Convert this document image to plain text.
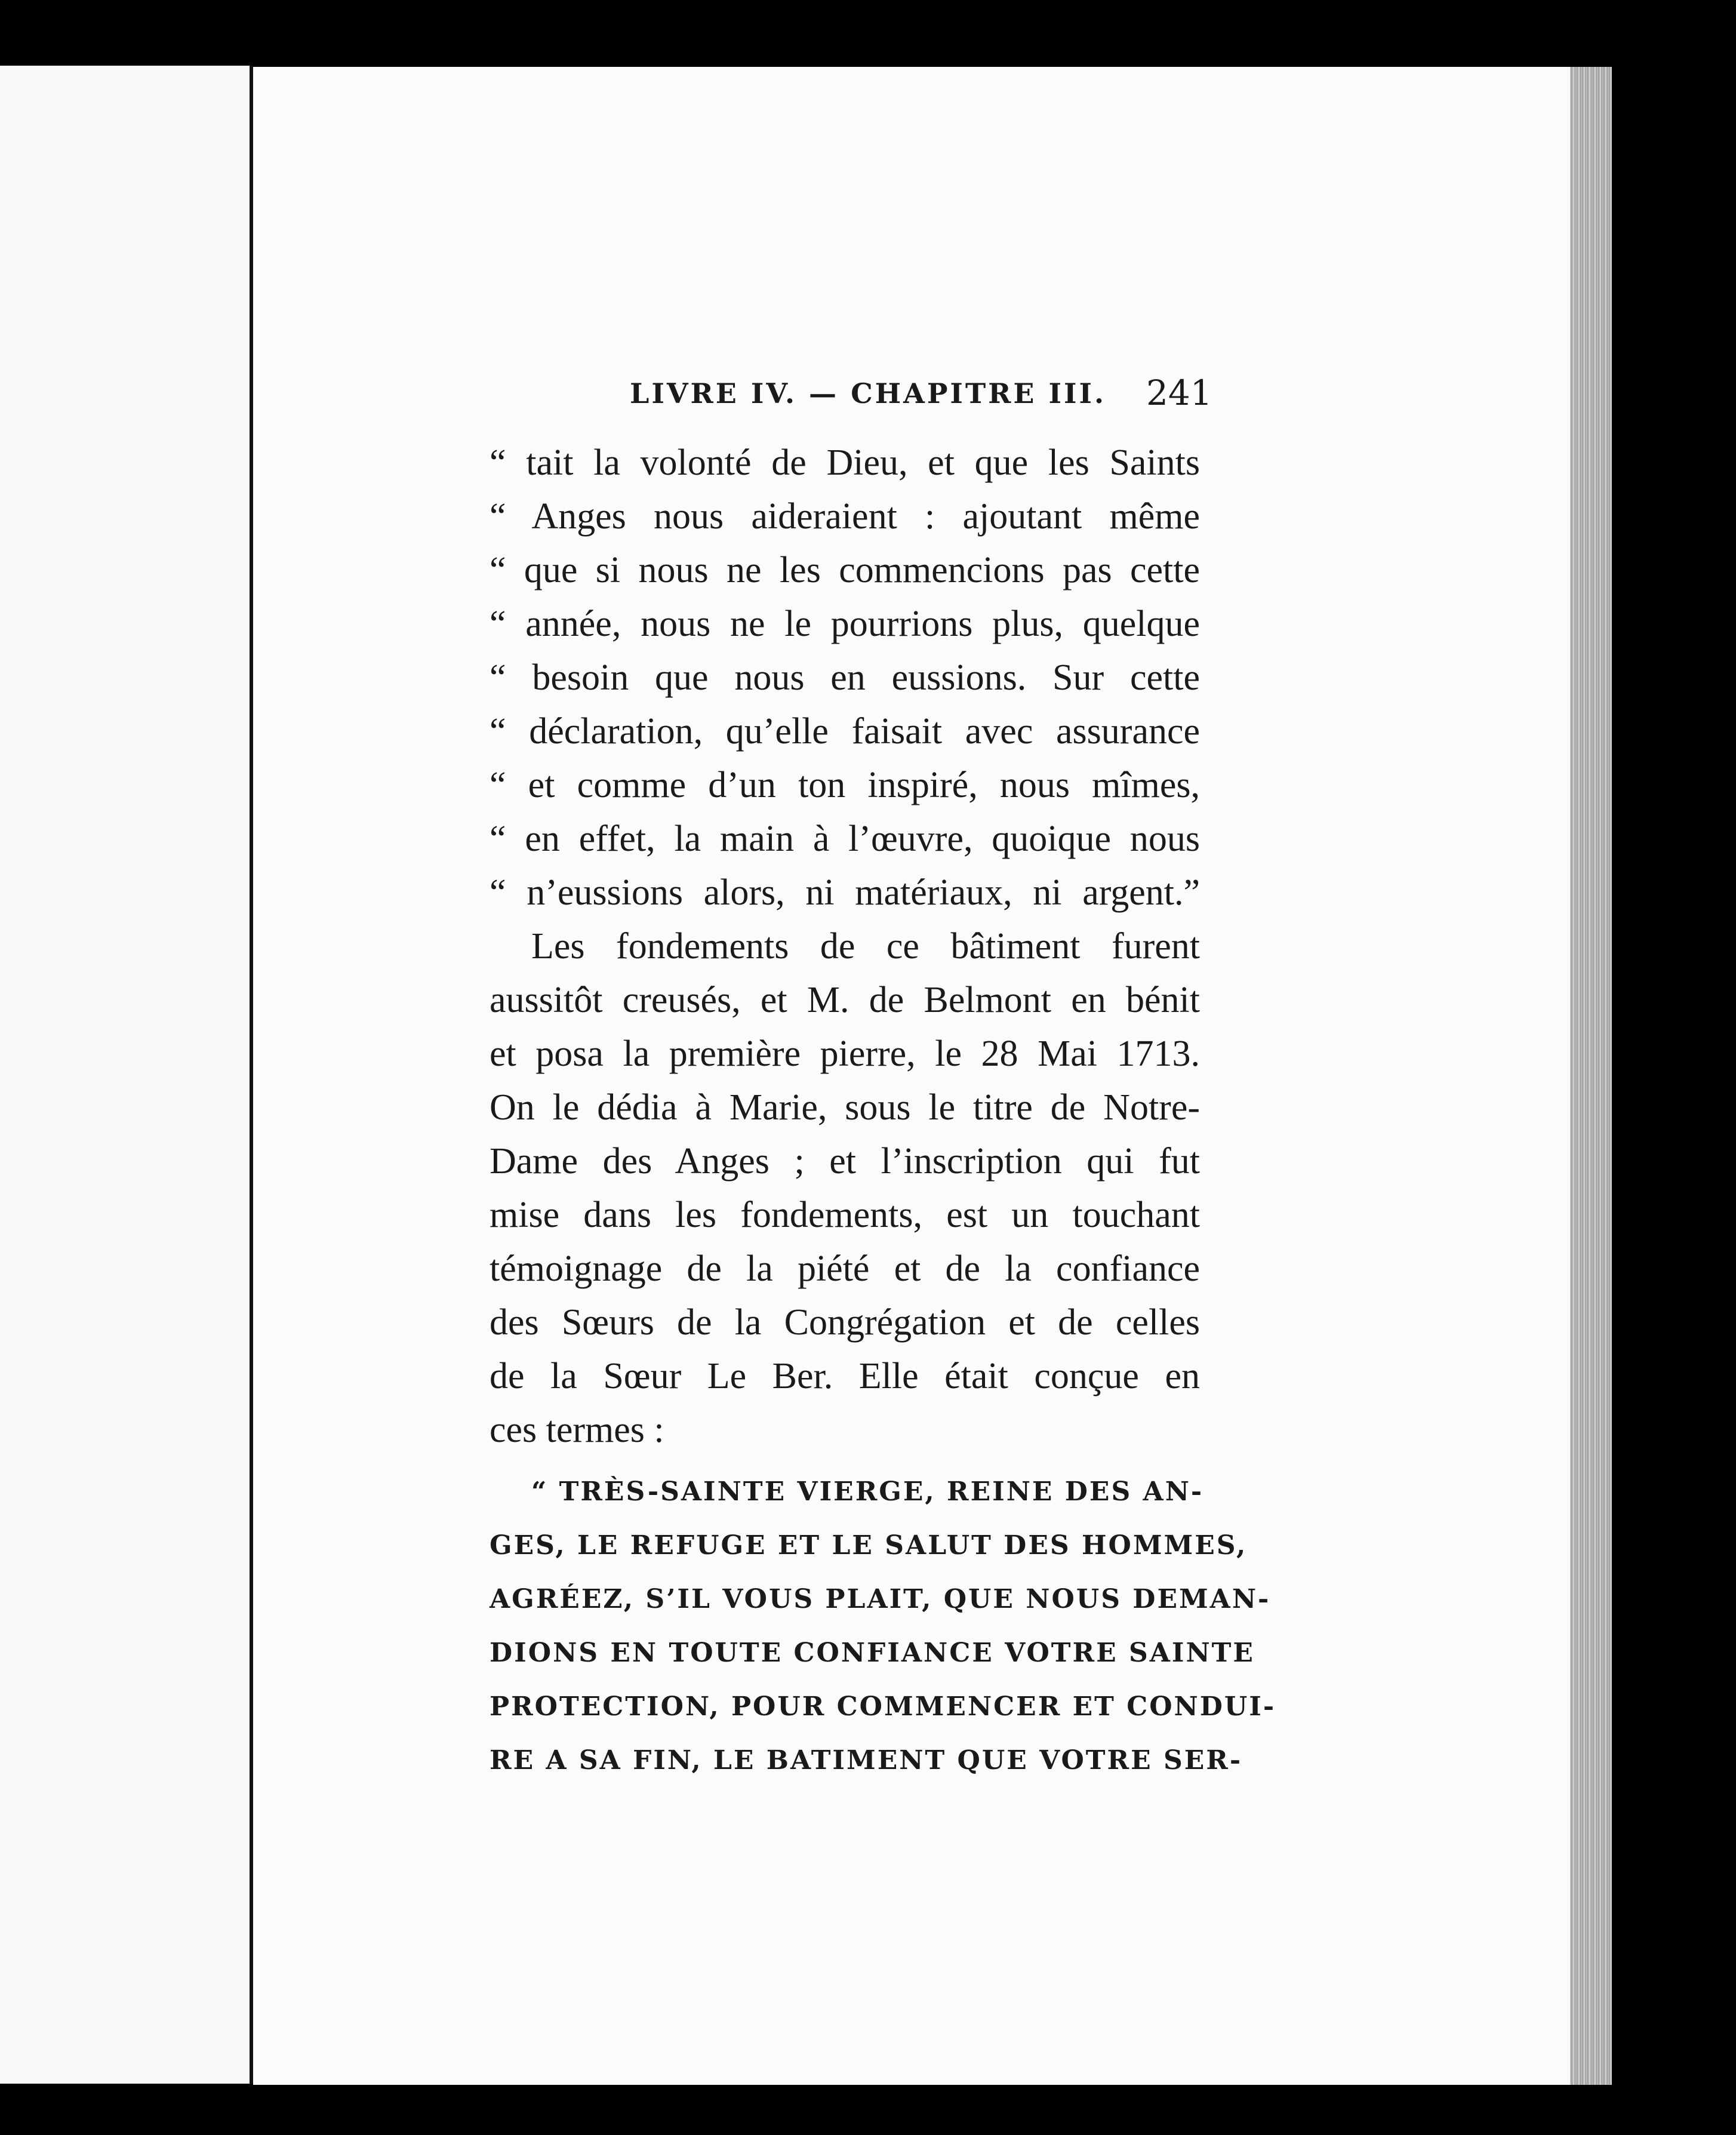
LIVRE IV. — CHAPITRE III. 241
“ tait la volonté de Dieu, et que les Saints
“ Anges nous aideraient : ajoutant même
“ que si nous ne les commencions pas cette
“ année, nous ne le pourrions plus, quelque
“ besoin que nous en eussions. Sur cette
“ déclaration, qu’elle faisait avec assurance
“ et comme d’un ton inspiré, nous mîmes,
“ en effet, la main à l’œuvre, quoique nous
“ n’eussions alors, ni matériaux, ni argent.”
Les fondements de ce bâtiment furent
aussitôt creusés, et M. de Belmont en bénit
et posa la première pierre, le 28 Mai 1713.
On le dédia à Marie, sous le titre de Notre-
Dame des Anges ; et l’inscription qui fut
mise dans les fondements, est un touchant
témoignage de la piété et de la confiance
des Sœurs de la Congrégation et de celles
de la Sœur Le Ber. Elle était conçue en
ces termes :
“ TRÈS-SAINTE VIERGE, REINE DES AN-
GES, LE REFUGE ET LE SALUT DES HOMMES,
AGRÉEZ, S’IL VOUS PLAIT, QUE NOUS DEMAN-
DIONS EN TOUTE CONFIANCE VOTRE SAINTE
PROTECTION, POUR COMMENCER ET CONDUI-
RE A SA FIN, LE BATIMENT QUE VOTRE SER-
